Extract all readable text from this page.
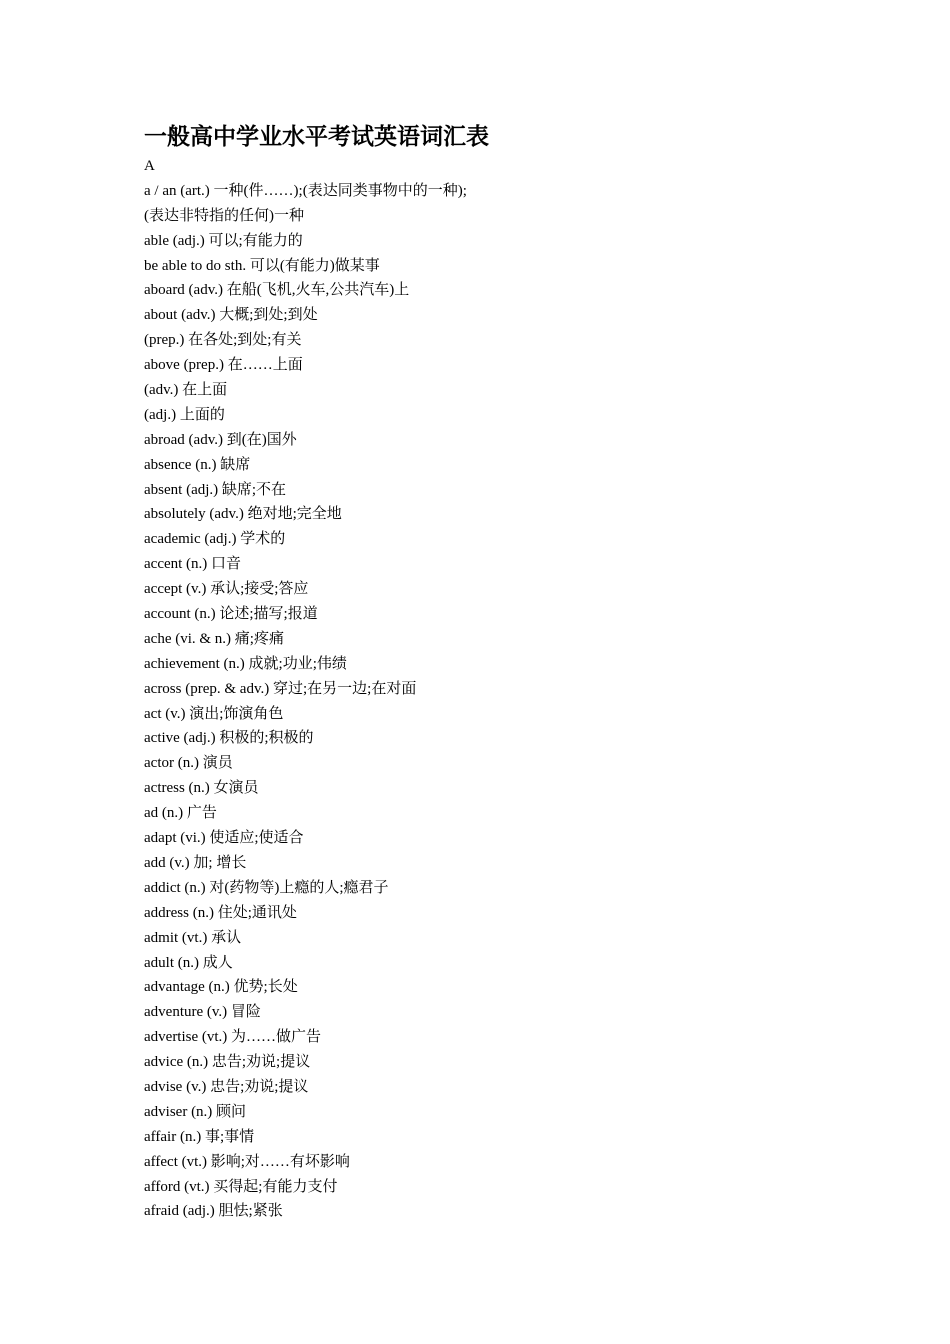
一般高中学业水平考试英语词汇表
A
a / an (art.) 一种(件……);(表达同类事物中的一种);
(表达非特指的任何)一种
able (adj.) 可以;有能力的
be able to do sth. 可以(有能力)做某事
aboard (adv.) 在船(飞机,火车,公共汽车)上
about (adv.) 大概;到处;到处
(prep.) 在各处;到处;有关
above (prep.) 在……上面
(adv.) 在上面
(adj.) 上面的
abroad (adv.) 到(在)国外
absence (n.) 缺席
absent (adj.) 缺席;不在
absolutely (adv.) 绝对地;完全地
academic (adj.) 学术的
accent (n.) 口音
accept (v.) 承认;接受;答应
account (n.) 论述;描写;报道
ache (vi. & n.) 痛;疼痛
achievement (n.) 成就;功业;伟绩
across (prep. & adv.) 穿过;在另一边;在对面
act (v.) 演出;饰演角色
active (adj.) 积极的;积极的
actor (n.) 演员
actress (n.) 女演员
ad (n.) 广告
adapt (vi.) 使适应;使适合
add (v.) 加; 增长
addict (n.) 对(药物等)上瘾的人;瘾君子
address (n.) 住处;通讯处
admit (vt.) 承认
adult (n.) 成人
advantage (n.) 优势;长处
adventure (v.) 冒险
advertise (vt.) 为……做广告
advice (n.) 忠告;劝说;提议
advise (v.) 忠告;劝说;提议
adviser (n.) 顾问
affair (n.) 事;事情
affect (vt.) 影响;对……有坏影响
afford (vt.) 买得起;有能力支付
afraid (adj.) 胆怯;紧张
